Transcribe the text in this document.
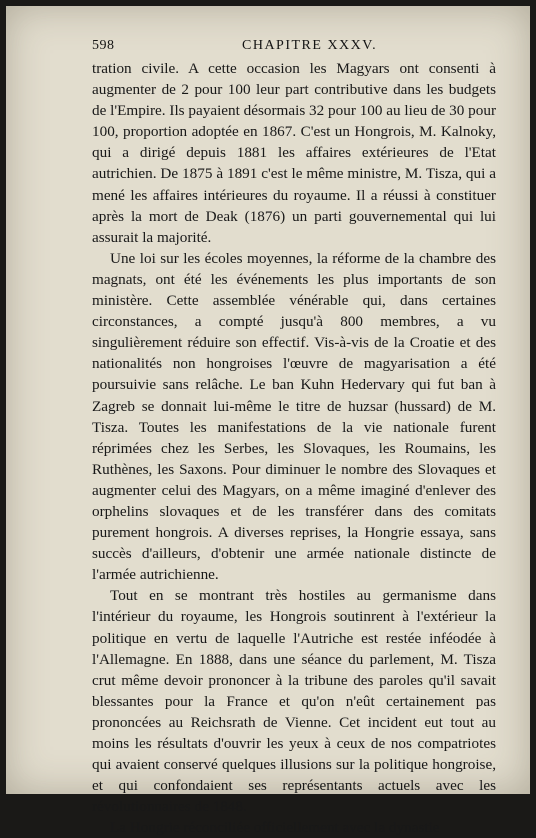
598	CHAPITRE XXXV.

tration civile. A cette occasion les Magyars ont consenti à augmenter de 2 pour 100 leur part contributive dans les budgets de l'Empire. Ils payaient désormais 32 pour 100 au lieu de 30 pour 100, proportion adoptée en 1867. C'est un Hongrois, M. Kalnoky, qui a dirigé depuis 1881 les affaires extérieures de l'Etat autrichien. De 1875 à 1891 c'est le même ministre, M. Tisza, qui a mené les affaires intérieures du royaume. Il a réussi à constituer après la mort de Deak (1876) un parti gouvernemental qui lui assurait la majorité.

Une loi sur les écoles moyennes, la réforme de la chambre des magnats, ont été les événements les plus importants de son ministère. Cette assemblée vénérable qui, dans certaines circonstances, a compté jusqu'à 800 membres, a vu singulièrement réduire son effectif. Vis-à-vis de la Croatie et des nationalités non hongroises l'œuvre de magyarisation a été poursuivie sans relâche. Le ban Kuhn Hedervary qui fut ban à Zagreb se donnait lui-même le titre de huzsar (hussard) de M. Tisza. Toutes les manifestations de la vie nationale furent réprimées chez les Serbes, les Slovaques, les Roumains, les Ruthènes, les Saxons. Pour diminuer le nombre des Slovaques et augmenter celui des Magyars, on a même imaginé d'enlever des orphelins slovaques et de les transférer dans des comitats purement hongrois. A diverses reprises, la Hongrie essaya, sans succès d'ailleurs, d'obtenir une armée nationale distincte de l'armée autrichienne.

Tout en se montrant très hostiles au germanisme dans l'intérieur du royaume, les Hongrois soutinrent à l'extérieur la politique en vertu de laquelle l'Autriche est restée inféodée à l'Allemagne. En 1888, dans une séance du parlement, M. Tisza crut même devoir prononcer à la tribune des paroles qu'il savait blessantes pour la France et qu'on n'eût certainement pas prononcées au Reichsrath de Vienne. Cet incident eut tout au moins les résultats d'ouvrir les yeux à ceux de nos compatriotes qui avaient conservé quelques illusions sur la politique hongroise, et qui confondaient ses représentants actuels avec les révolutionnaires de 1848.

La Hongrie réconciliée officiellement avec la dynastie
